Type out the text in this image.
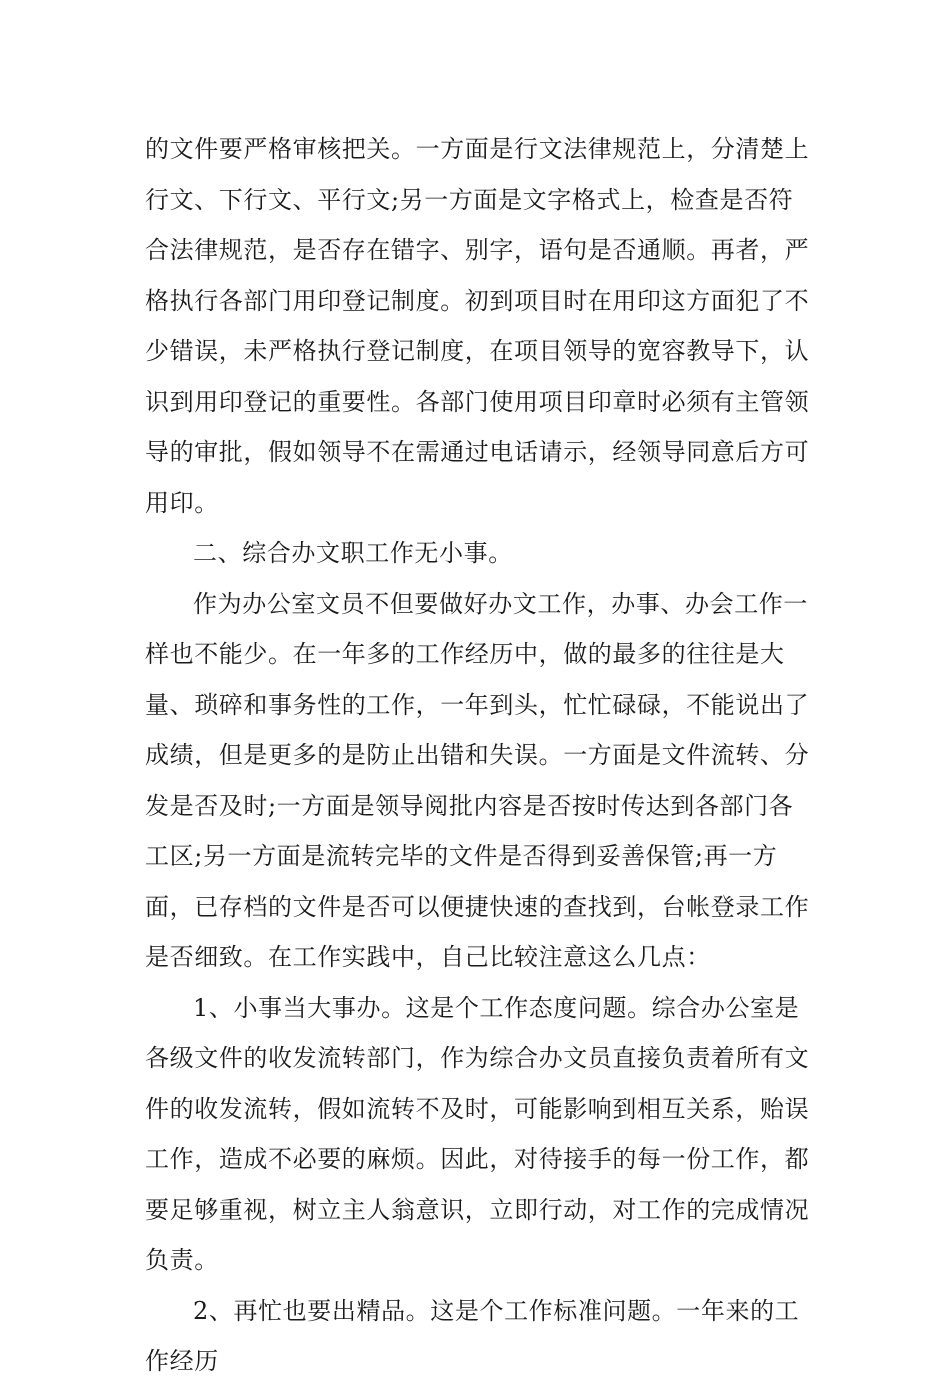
的文件要严格审核把关。一方面是行文法律规范上，分清楚上行文、下行文、平行文;另一方面是文字格式上，检查是否符合法律规范，是否存在错字、别字，语句是否通顺。再者，严格执行各部门用印登记制度。初到项目时在用印这方面犯了不少错误，未严格执行登记制度，在项目领导的宽容教导下，认识到用印登记的重要性。各部门使用项目印章时必须有主管领导的审批，假如领导不在需通过电话请示，经领导同意后方可用印。

二、综合办文职工作无小事。

作为办公室文员不但要做好办文工作，办事、办会工作一样也不能少。在一年多的工作经历中，做的最多的往往是大量、琐碎和事务性的工作，一年到头，忙忙碌碌，不能说出了成绩，但是更多的是防止出错和失误。一方面是文件流转、分发是否及时;一方面是领导阅批内容是否按时传达到各部门各工区;另一方面是流转完毕的文件是否得到妥善保管;再一方面，已存档的文件是否可以便捷快速的查找到，台帐登录工作是否细致。在工作实践中，自己比较注意这么几点：

1、小事当大事办。这是个工作态度问题。综合办公室是各级文件的收发流转部门，作为综合办文员直接负责着所有文件的收发流转，假如流转不及时，可能影响到相互关系，贻误工作，造成不必要的麻烦。因此，对待接手的每一份工作，都要足够重视，树立主人翁意识，立即行动，对工作的完成情况负责。

2、再忙也要出精品。这是个工作标准问题。一年来的工作经历
